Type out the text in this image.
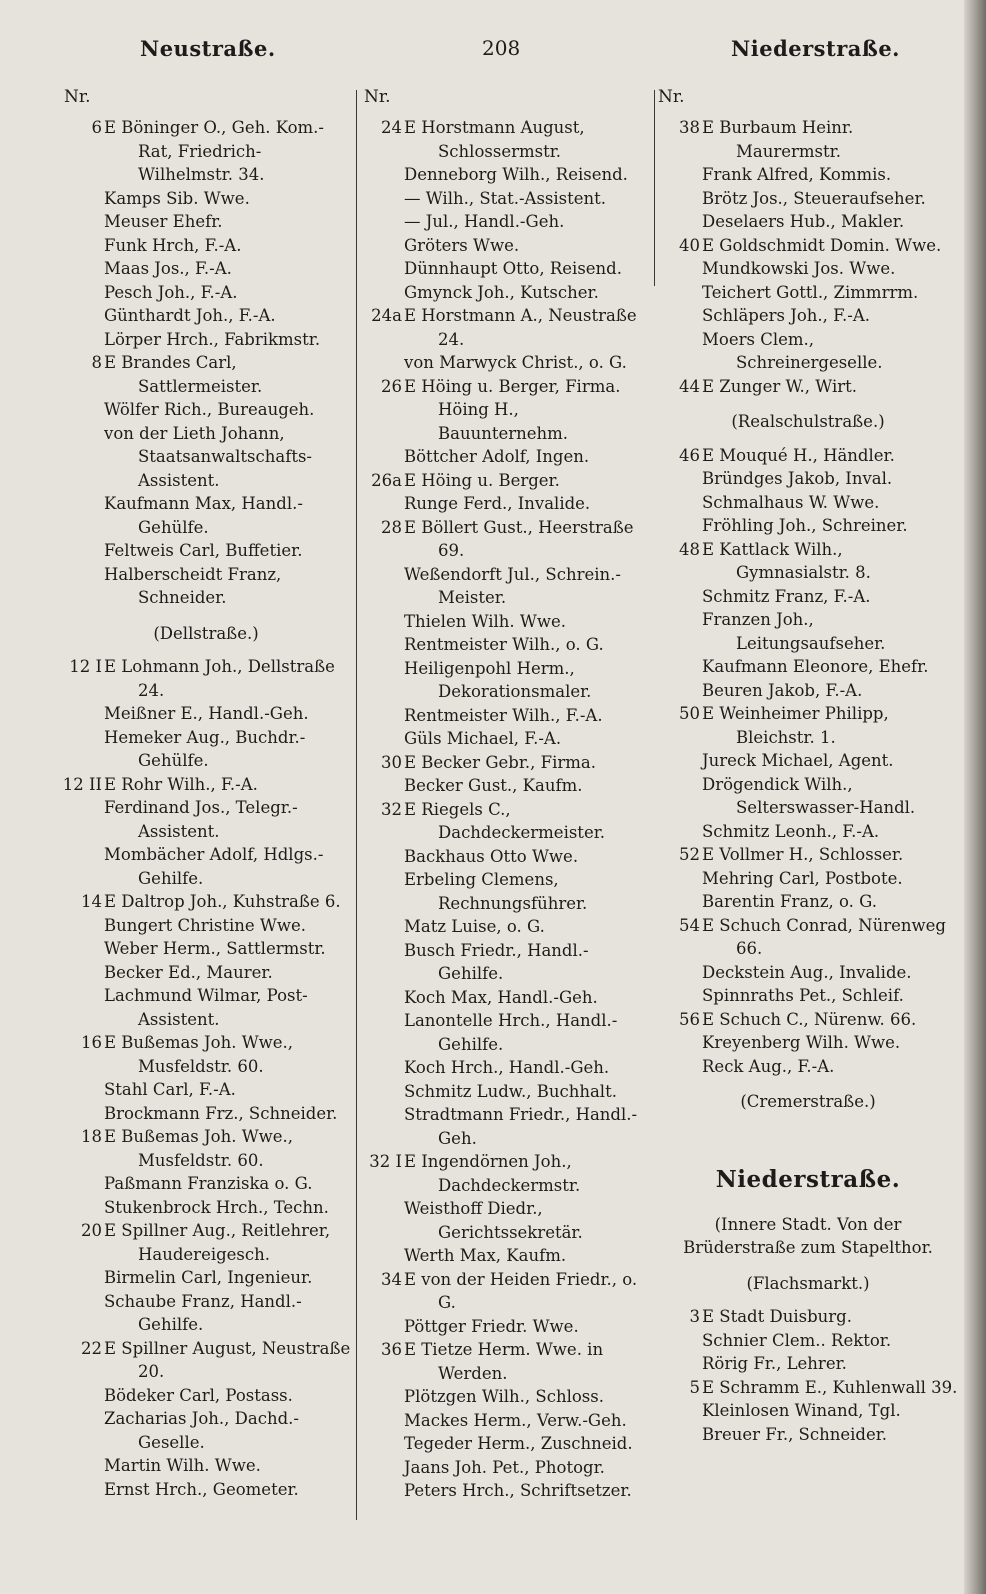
Neustraße.	208	Niederstraße.
Nr.
6 E Böninger O., Geh. Kom.-Rat, Friedrich-Wilhelmstr. 34.
Kamps Sib. Wwe.
Meuser Ehefr.
Funk Hrch, F.-A.
Maas Jos., F.-A.
Pesch Joh., F.-A.
Günthardt Joh., F.-A.
Lörper Hrch., Fabrikmstr.
8 E Brandes Carl, Sattlermeister.
Wölfer Rich., Bureaugeh.
von der Lieth Johann, Staatsanwaltschafts-Assistent.
Kaufmann Max, Handl.-Gehülfe.
Feltweis Carl, Buffetier.
Halberscheidt Franz, Schneider.
(Dellstraße.)
12 I E Lohmann Joh., Dellstraße 24.
Meißner E., Handl.-Geh.
Hemeker Aug., Buchdr.-Gehülfe.
12 II E Rohr Wilh., F.-A.
Ferdinand Jos., Telegr.-Assistent.
Mombächer Adolf, Hdlgs.-Gehilfe.
14 E Daltrop Joh., Kuhstraße 6.
Bungert Christine Wwe.
Weber Herm., Sattlermstr.
Becker Ed., Maurer.
Lachmund Wilmar, Post-Assistent.
16 E Bußemas Joh. Wwe., Musfeldstr. 60.
Stahl Carl, F.-A.
Brockmann Frz., Schneider.
18 E Bußemas Joh. Wwe., Musfeldstr. 60.
Paßmann Franziska o. G.
Stukenbrock Hrch., Techn.
20 E Spillner Aug., Reitlehrer, Haudereigesch.
Birmelin Carl, Ingenieur.
Schaube Franz, Handl.-Gehilfe.
22 E Spillner August, Neustraße 20.
Bödeker Carl, Postass.
Zacharias Joh., Dachd.-Geselle.
Martin Wilh. Wwe.
Ernst Hrch., Geometer.
Nr.
24 E Horstmann August, Schlossermstr.
Denneborg Wilh., Reisend.
— Wilh., Stat.-Assistent.
— Jul., Handl.-Geh.
Gröters Wwe.
Dünnhaupt Otto, Reisend.
Gmynck Joh., Kutscher.
24a E Horstmann A., Neustraße 24.
von Marwyck Christ., o. G.
26 E Höing u. Berger, Firma. Höing H., Bauunternehm.
Böttcher Adolf, Ingen.
26a E Höing u. Berger.
Runge Ferd., Invalide.
28 E Böllert Gust., Heerstraße 69.
Weßendorft Jul., Schrein.-Meister.
Thielen Wilh. Wwe.
Rentmeister Wilh., o. G.
Heiligenpohl Herm., Dekorationsmaler.
Rentmeister Wilh., F.-A.
Güls Michael, F.-A.
30 E Becker Gebr., Firma.
Becker Gust., Kaufm.
32 E Riegels C., Dachdeckermeister.
Backhaus Otto Wwe.
Erbeling Clemens, Rechnungsführer.
Matz Luise, o. G.
Busch Friedr., Handl.-Gehilfe.
Koch Max, Handl.-Geh.
Lanontelle Hrch., Handl.-Gehilfe.
Koch Hrch., Handl.-Geh.
Schmitz Ludw., Buchhalt.
Stradtmann Friedr., Handl.-Geh.
32 I E Ingendörnen Joh., Dachdeckermstr.
Weisthoff Diedr., Gerichtssekretär.
Werth Max, Kaufm.
34 E von der Heiden Friedr., o. G.
Pöttger Friedr. Wwe.
36 E Tietze Herm. Wwe. in Werden.
Plötzgen Wilh., Schloss.
Mackes Herm., Verw.-Geh.
Tegeder Herm., Zuschneid.
Jaans Joh. Pet., Photogr.
Peters Hrch., Schriftsetzer.
Nr.
38 E Burbaum Heinr. Maurermstr.
Frank Alfred, Kommis.
Brötz Jos., Steueraufseher.
Deselaers Hub., Makler.
40 E Goldschmidt Domin. Wwe.
Mundkowski Jos. Wwe.
Teichert Gottl., Zimmrrm.
Schläpers Joh., F.-A.
Moers Clem., Schreinergeselle.
44 E Zunger W., Wirt.
(Realschulstraße.)
46 E Mouqué H., Händler.
Bründges Jakob, Inval.
Schmalhaus W. Wwe.
Fröhling Joh., Schreiner.
48 E Kattlack Wilh., Gymnasialstr. 8.
Schmitz Franz, F.-A.
Franzen Joh., Leitungsaufseher.
Kaufmann Eleonore, Ehefr.
Beuren Jakob, F.-A.
50 E Weinheimer Philipp, Bleichstr. 1.
Jureck Michael, Agent.
Drögendick Wilh., Selterswasser-Handl.
Schmitz Leonh., F.-A.
52 E Vollmer H., Schlosser.
Mehring Carl, Postbote.
Barentin Franz, o. G.
54 E Schuch Conrad, Nürenweg 66.
Deckstein Aug., Invalide.
Spinnraths Pet., Schleif.
56 E Schuch C., Nürenw. 66.
Kreyenberg Wilh. Wwe.
Reck Aug., F.-A.
(Cremerstraße.)
Niederstraße.
(Innere Stadt. Von der Brüderstraße zum Stapelthor.
(Flachsmarkt.)
3 E Stadt Duisburg.
Schnier Clem.. Rektor.
Rörig Fr., Lehrer.
5 E Schramm E., Kuhlenwall 39.
Kleinlosen Winand, Tgl.
Breuer Fr., Schneider.
